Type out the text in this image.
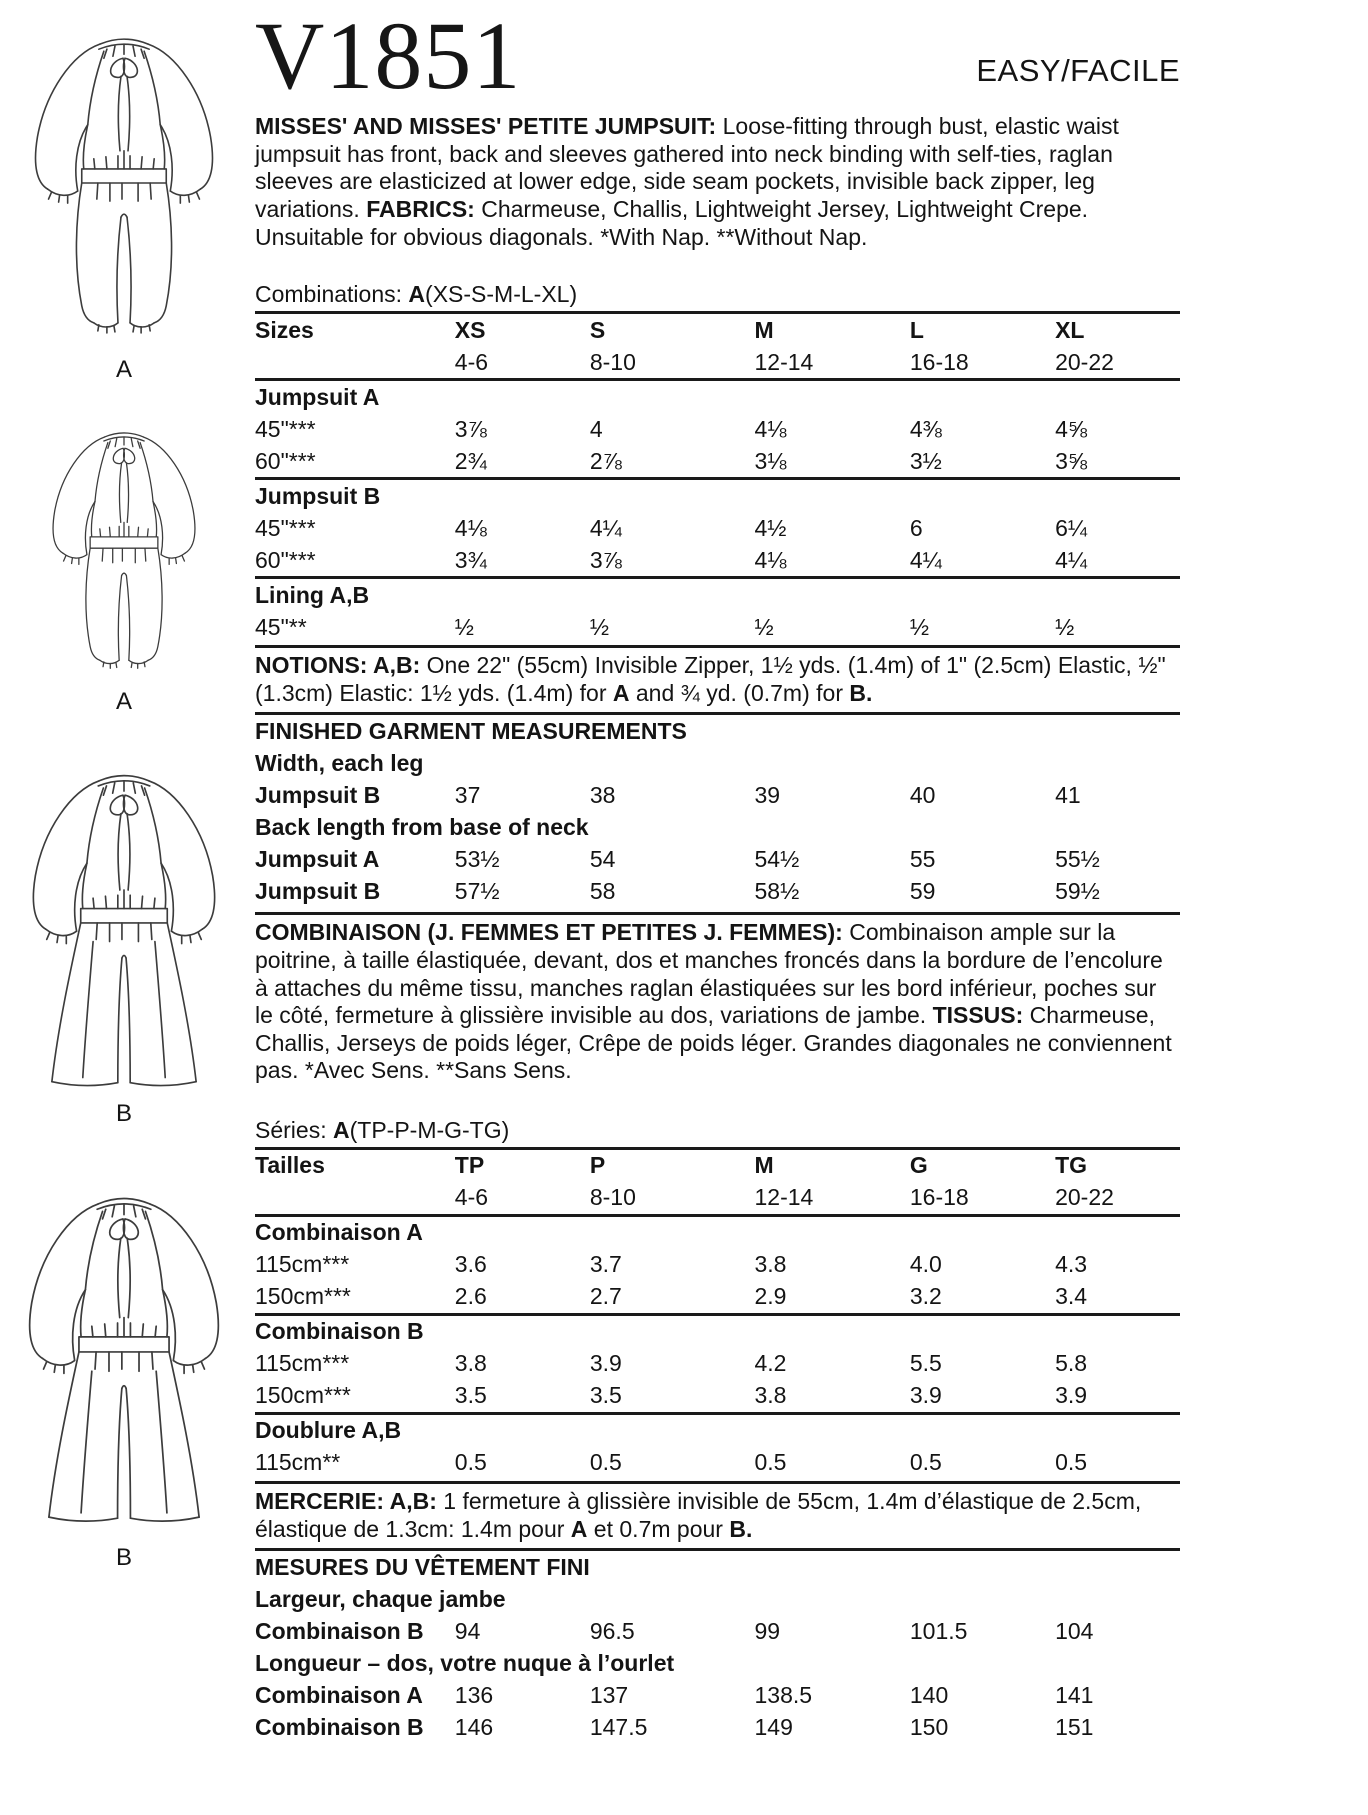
A
A
B
B
V1851	EASY/FACILE

MISSES' AND MISSES' PETITE JUMPSUIT: Loose-fitting through bust, elastic waist jumpsuit has front, back and sleeves gathered into neck binding with self-ties, raglan sleeves are elasticized at lower edge, side seam pockets, invisible back zipper, leg variations. FABRICS: Charmeuse, Challis, Lightweight Jersey, Lightweight Crepe. Unsuitable for obvious diagonals. *With Nap. **Without Nap.

Combinations: A(XS-S-M-L-XL)

Sizes	XS	S	M	L	XL
	4-6	8-10	12-14	16-18	20-22
Jumpsuit A					
45"***	3⅞	4	4⅛	4⅜	4⅝
60"***	2¾	2⅞	3⅛	3½	3⅝
Jumpsuit B					
45"***	4⅛	4¼	4½	6	6¼
60"***	3¾	3⅞	4⅛	4¼	4¼
Lining A,B					
45"**	½	½	½	½	½

NOTIONS: A,B: One 22" (55cm) Invisible Zipper, 1½ yds. (1.4m) of 1" (2.5cm) Elastic, ½" (1.3cm) Elastic: 1½ yds. (1.4m) for A and ¾ yd. (0.7m) for B.

FINISHED GARMENT MEASUREMENTS					
Width, each leg					
Jumpsuit B	37	38	39	40	41
Back length from base of neck					
Jumpsuit A	53½	54	54½	55	55½
Jumpsuit B	57½	58	58½	59	59½

COMBINAISON (J. FEMMES ET PETITES J. FEMMES): Combinaison ample sur la poitrine, à taille élastiquée, devant, dos et manches froncés dans la bordure de l’encolure à attaches du même tissu, manches raglan élastiquées sur les bord inférieur, poches sur le côté, fermeture à glissière invisible au dos, variations de jambe. TISSUS: Charmeuse, Challis, Jerseys de poids léger, Crêpe de poids léger. Grandes diagonales ne conviennent pas. *Avec Sens. **Sans Sens.

Séries: A(TP-P-M-G-TG)

Tailles	TP	P	M	G	TG
	4-6	8-10	12-14	16-18	20-22
Combinaison A					
115cm***	3.6	3.7	3.8	4.0	4.3
150cm***	2.6	2.7	2.9	3.2	3.4
Combinaison B					
115cm***	3.8	3.9	4.2	5.5	5.8
150cm***	3.5	3.5	3.8	3.9	3.9
Doublure A,B					
115cm**	0.5	0.5	0.5	0.5	0.5

MERCERIE: A,B: 1 fermeture à glissière invisible de 55cm, 1.4m d’élastique de 2.5cm, élastique de 1.3cm: 1.4m pour A et 0.7m pour B.

MESURES DU VÊTEMENT FINI					
Largeur, chaque jambe					
Combinaison B	94	96.5	99	101.5	104
Longueur – dos, votre nuque à l’ourlet					
Combinaison A	136	137	138.5	140	141
Combinaison B	146	147.5	149	150	151
